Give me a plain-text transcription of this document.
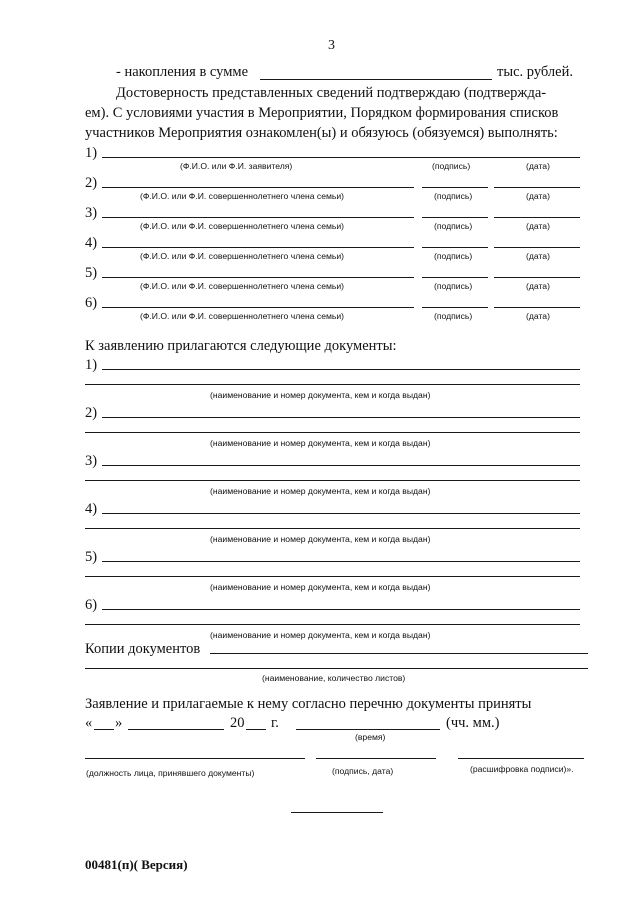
3
- накопления в сумме	тыс. рублей.
Достоверность представленных сведений подтверждаю (подтвержда-
ем). С условиями участия в Мероприятии, Порядком формирования списков
участников Мероприятия ознакомлен(ы) и обязуюсь (обязуемся) выполнять:
1)
(Ф.И.О. или Ф.И. заявителя)	(подпись)	(дата)
2)
(Ф.И.О. или Ф.И. совершеннолетнего члена семьи)	(подпись)	(дата)
3)
(Ф.И.О. или Ф.И. совершеннолетнего члена семьи)	(подпись)	(дата)
4)
(Ф.И.О. или Ф.И. совершеннолетнего члена семьи)	(подпись)	(дата)
5)
(Ф.И.О. или Ф.И. совершеннолетнего члена семьи)	(подпись)	(дата)
6)
(Ф.И.О. или Ф.И. совершеннолетнего члена семьи)	(подпись)	(дата)
К заявлению прилагаются следующие документы:
1)
(наименование и номер документа, кем и когда выдан)
2)
(наименование и номер документа, кем и когда выдан)
3)
(наименование и номер документа, кем и когда выдан)
4)
(наименование и номер документа, кем и когда выдан)
5)
(наименование и номер документа, кем и когда выдан)
6)
(наименование и номер документа, кем и когда выдан)
Копии документов
(наименование, количество листов)
Заявление и прилагаемые к нему согласно перечню документы приняты
« »	20 г.	(чч. мм.)
(время)
(должность лица, принявшего документы)	(подпись, дата)	(расшифровка подписи)».
00481(п)( Версия)
